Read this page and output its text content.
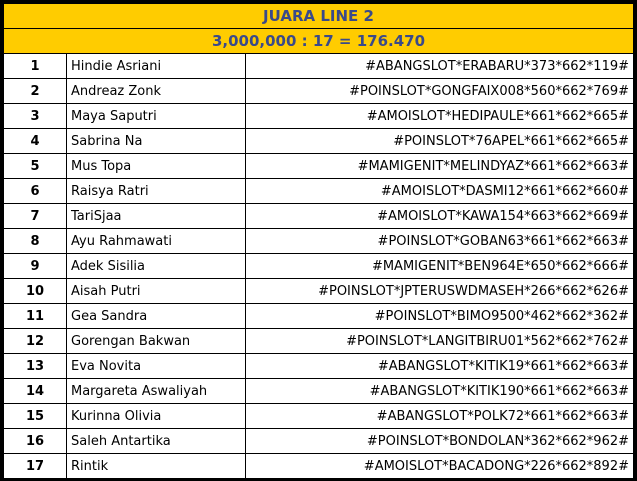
JUARA LINE 2		
3,000,000 : 17 = 176.470		
1	Hindie Asriani	#ABANGSLOT*ERABARU*373*662*119#
2	Andreaz Zonk	#POINSLOT*GONGFAIX008*560*662*769#
3	Maya Saputri	#AMOISLOT*HEDIPAULE*661*662*665#
4	Sabrina Na	#POINSLOT*76APEL*661*662*665#
5	Mus Topa	#MAMIGENIT*MELINDYAZ*661*662*663#
6	Raisya Ratri	#AMOISLOT*DASMI12*661*662*660#
7	TariSjaa	#AMOISLOT*KAWA154*663*662*669#
8	Ayu Rahmawati	#POINSLOT*GOBAN63*661*662*663#
9	Adek Sisilia	#MAMIGENIT*BEN964E*650*662*666#
10	Aisah Putri	#POINSLOT*JPTERUSWDMASEH*266*662*626#
11	Gea Sandra	#POINSLOT*BIMO9500*462*662*362#
12	Gorengan Bakwan	#POINSLOT*LANGITBIRU01*562*662*762#
13	Eva Novita	#ABANGSLOT*KITIK19*661*662*663#
14	Margareta Aswaliyah	#ABANGSLOT*KITIK190*661*662*663#
15	Kurinna Olivia	#ABANGSLOT*POLK72*661*662*663#
16	Saleh Antartika	#POINSLOT*BONDOLAN*362*662*962#
17	Rintik	#AMOISLOT*BACADONG*226*662*892#
